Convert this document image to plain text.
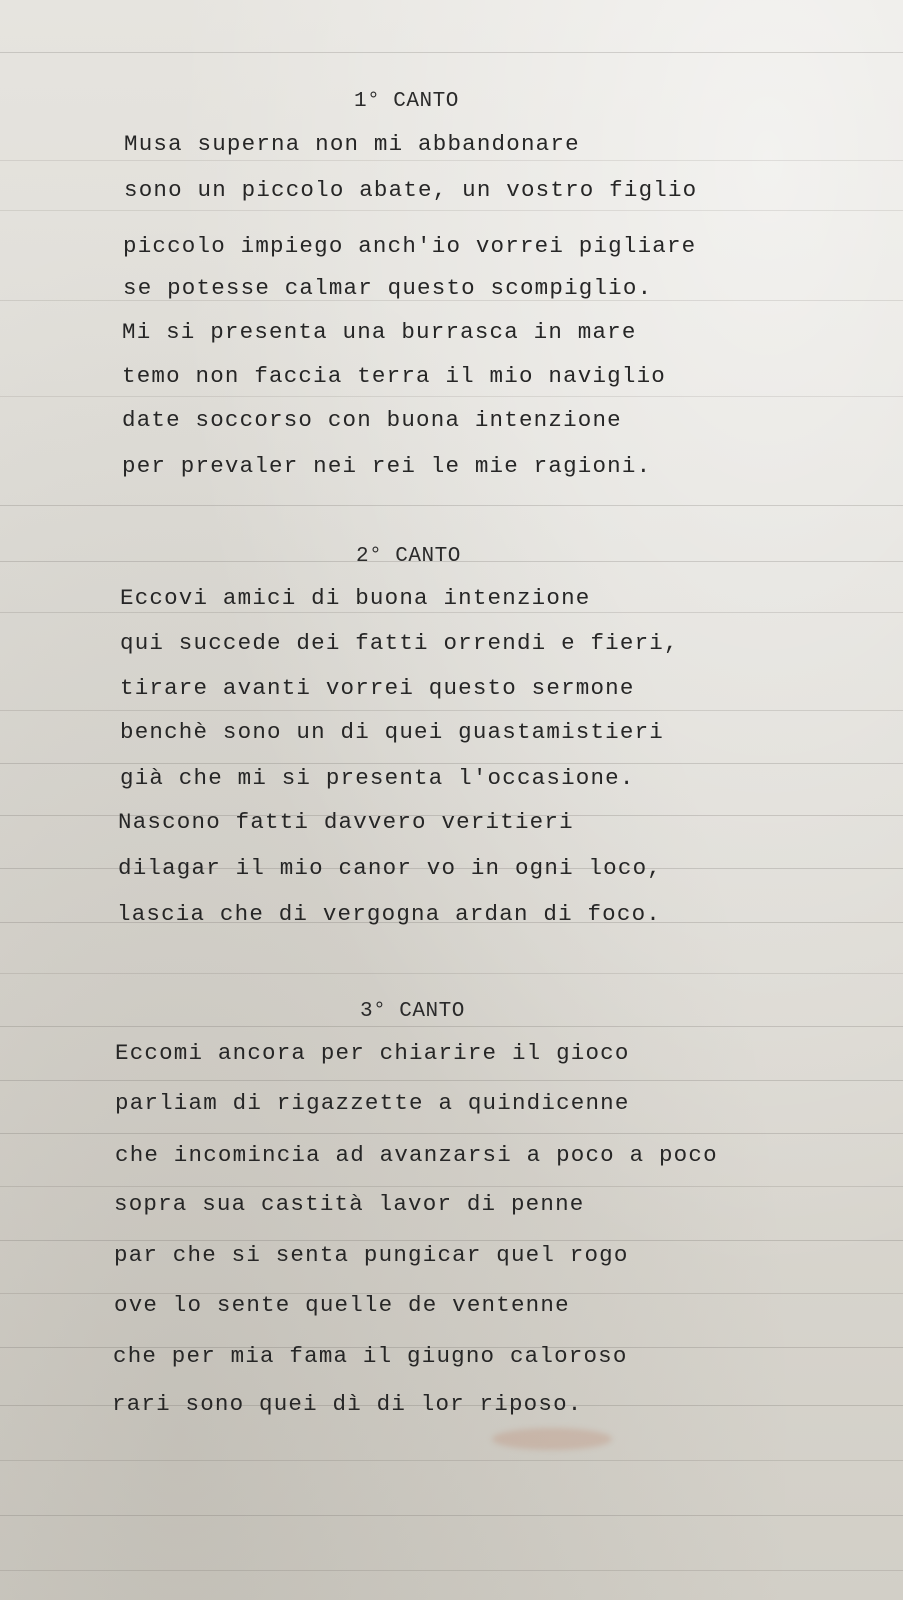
1° CANTO

Musa superna non mi abbandonare

sono un piccolo abate, un vostro figlio

piccolo impiego anch'io vorrei pigliare

se potesse calmar questo scompiglio.

Mi si presenta una burrasca in mare

temo non faccia terra il mio naviglio

date soccorso con buona intenzione

per prevaler nei rei le mie ragioni.

2° CANTO

Eccovi amici di buona intenzione

qui succede dei fatti orrendi e fieri,

tirare avanti vorrei questo sermone

benchè sono un di quei guastamistieri

già che mi si presenta l'occasione.

Nascono fatti davvero veritieri

dilagar il mio canor vo in ogni loco,

lascia che di vergogna ardan di foco.

3° CANTO

Eccomi ancora per chiarire il gioco

parliam di rigazzette a quindicenne

che incomincia ad avanzarsi a poco a poco

sopra sua castità lavor di penne

par che si senta pungicar quel rogo

ove lo sente quelle de ventenne

che per mia fama il giugno caloroso

rari sono quei dì di lor riposo.
